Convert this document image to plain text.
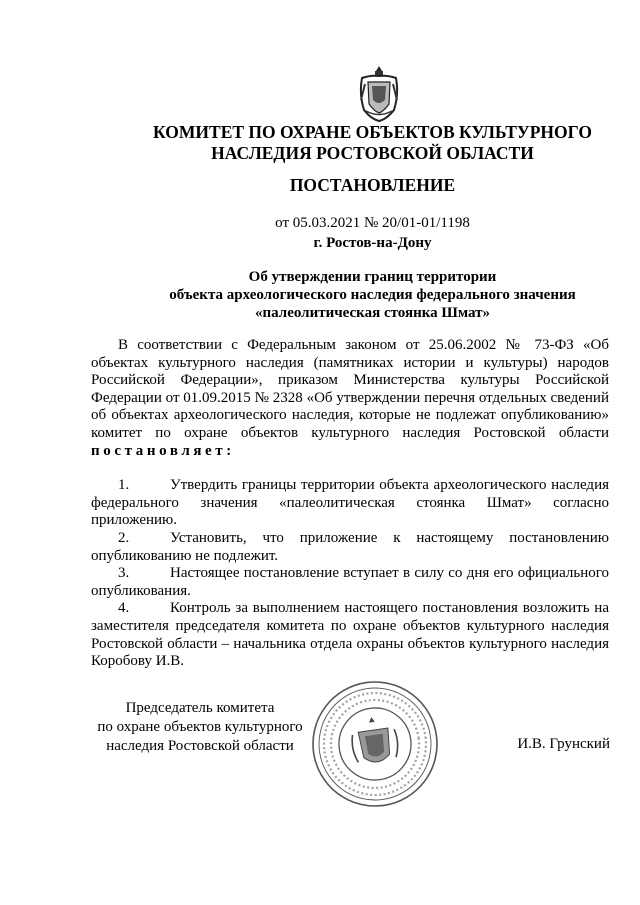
КОМИТЕТ ПО ОХРАНЕ ОБЪЕКТОВ КУЛЬТУРНОГО
НАСЛЕДИЯ РОСТОВСКОЙ ОБЛАСТИ
ПОСТАНОВЛЕНИЕ
от 05.03.2021 № 20/01-01/1198
г. Ростов-на-Дону
Об утверждении границ территории
объекта археологического наследия федерального значения
«палеолитическая стоянка Шмат»

В соответствии с Федеральным законом от 25.06.2002 № 73-ФЗ «Об объектах культурного наследия (памятниках истории и культуры) народов Российской Федерации», приказом Министерства культуры Российской Федерации от 01.09.2015 № 2328 «Об утверждении перечня отдельных сведений об объектах археологического наследия, которые не подлежат опубликованию» комитет по охране объектов культурного наследия Ростовской области постановляет:

1.	Утвердить границы территории объекта археологического наследия федерального значения «палеолитическая стоянка Шмат» согласно приложению.

2.	Установить, что приложение к настоящему постановлению опубликованию не подлежит.

3.	Настоящее постановление вступает в силу со дня его официального опубликования.

4.	Контроль за выполнением настоящего постановления возложить на заместителя председателя комитета по охране объектов культурного наследия Ростовской области – начальника отдела охраны объектов культурного наследия Коробову И.В.

Председатель комитета
по охране объектов культурного
наследия Ростовской области	И.В. Грунский
